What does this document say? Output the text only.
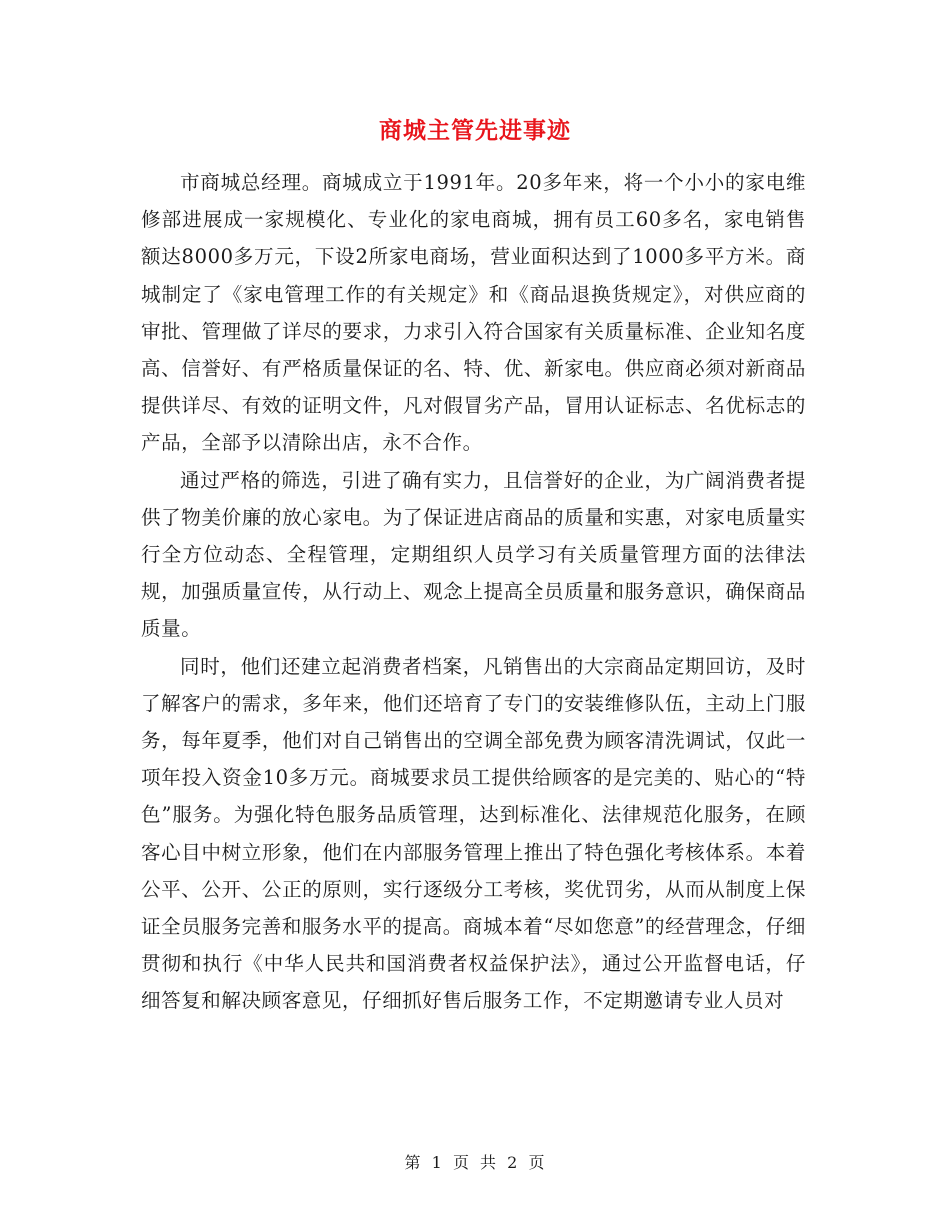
商城主管先进事迹

市商城总经理。商城成立于1991年。20多年来，将一个小小的家电维修部进展成一家规模化、专业化的家电商城，拥有员工60多名，家电销售额达8000多万元，下设2所家电商场，营业面积达到了1000多平方米。商城制定了《家电管理工作的有关规定》和《商品退换货规定》，对供应商的审批、管理做了详尽的要求，力求引入符合国家有关质量标准、企业知名度高、信誉好、有严格质量保证的名、特、优、新家电。供应商必须对新商品提供详尽、有效的证明文件，凡对假冒劣产品，冒用认证标志、名优标志的产品，全部予以清除出店，永不合作。

通过严格的筛选，引进了确有实力，且信誉好的企业，为广阔消费者提供了物美价廉的放心家电。为了保证进店商品的质量和实惠，对家电质量实行全方位动态、全程管理，定期组织人员学习有关质量管理方面的法律法规，加强质量宣传，从行动上、观念上提高全员质量和服务意识，确保商品质量。

同时，他们还建立起消费者档案，凡销售出的大宗商品定期回访，及时了解客户的需求，多年来，他们还培育了专门的安装维修队伍，主动上门服务，每年夏季，他们对自己销售出的空调全部免费为顾客清洗调试，仅此一项年投入资金10多万元。商城要求员工提供给顾客的是完美的、贴心的“特色”服务。为强化特色服务品质管理，达到标准化、法律规范化服务，在顾客心目中树立形象，他们在内部服务管理上推出了特色强化考核体系。本着公平、公开、公正的原则，实行逐级分工考核，奖优罚劣，从而从制度上保证全员服务完善和服务水平的提高。商城本着“尽如您意”的经营理念，仔细贯彻和执行《中华人民共和国消费者权益保护法》，通过公开监督电话，仔细答复和解决顾客意见，仔细抓好售后服务工作，不定期邀请专业人员对

第 1 页 共 2 页
